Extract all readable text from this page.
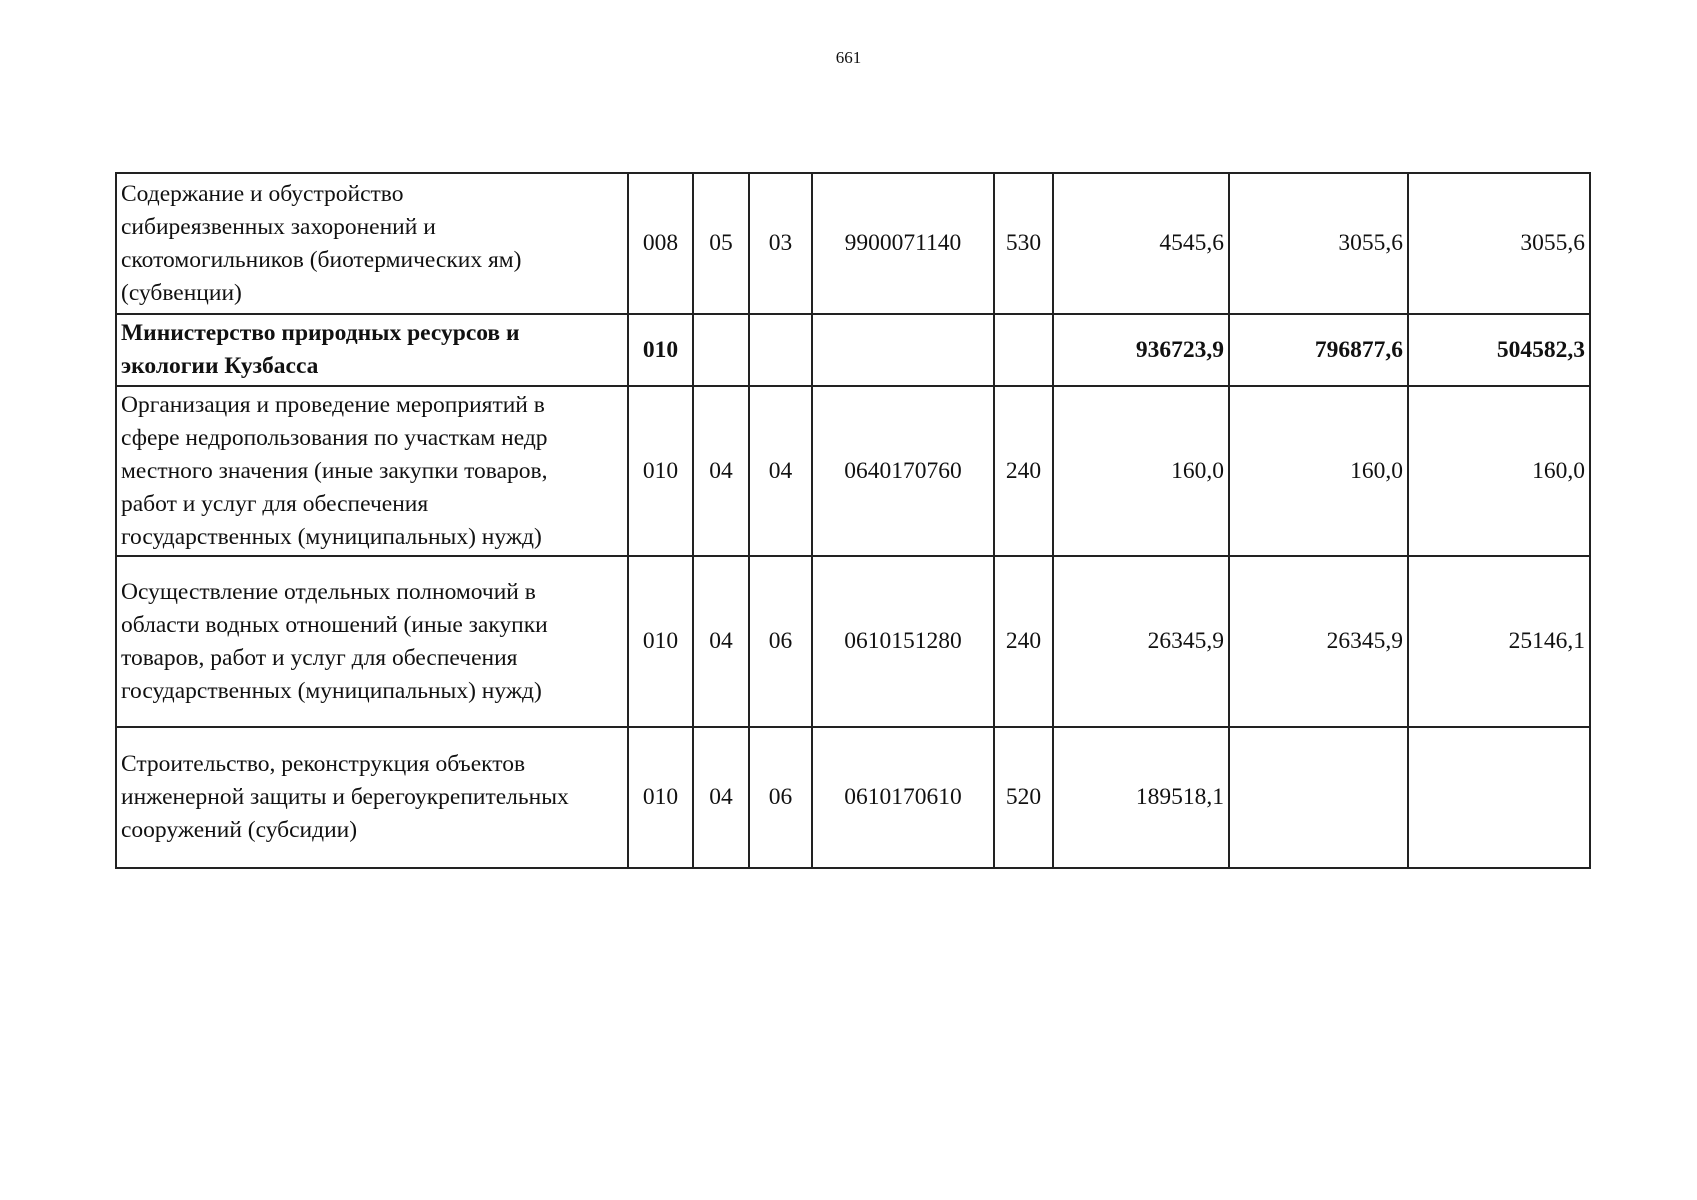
661
Содержание и обустройство
сибиреязвенных захоронений и
скотомогильников (биотермических ям)
(субвенции)	008	05	03	9900071140	530	4545,6	3055,6	3055,6

Министерство природных ресурсов и
экологии Кузбасса	010					936723,9	796877,6	504582,3

Организация и проведение мероприятий в
сфере недропользования по участкам недр
местного значения (иные закупки товаров,
работ и услуг для обеспечения
государственных (муниципальных) нужд)	010	04	04	0640170760	240	160,0	160,0	160,0

Осуществление отдельных полномочий в
области водных отношений (иные закупки
товаров, работ и услуг для обеспечения
государственных (муниципальных) нужд)	010	04	06	0610151280	240	26345,9	26345,9	25146,1

Строительство, реконструкция объектов
инженерной защиты и берегоукрепительных
сооружений (субсидии)	010	04	06	0610170610	520	189518,1		
